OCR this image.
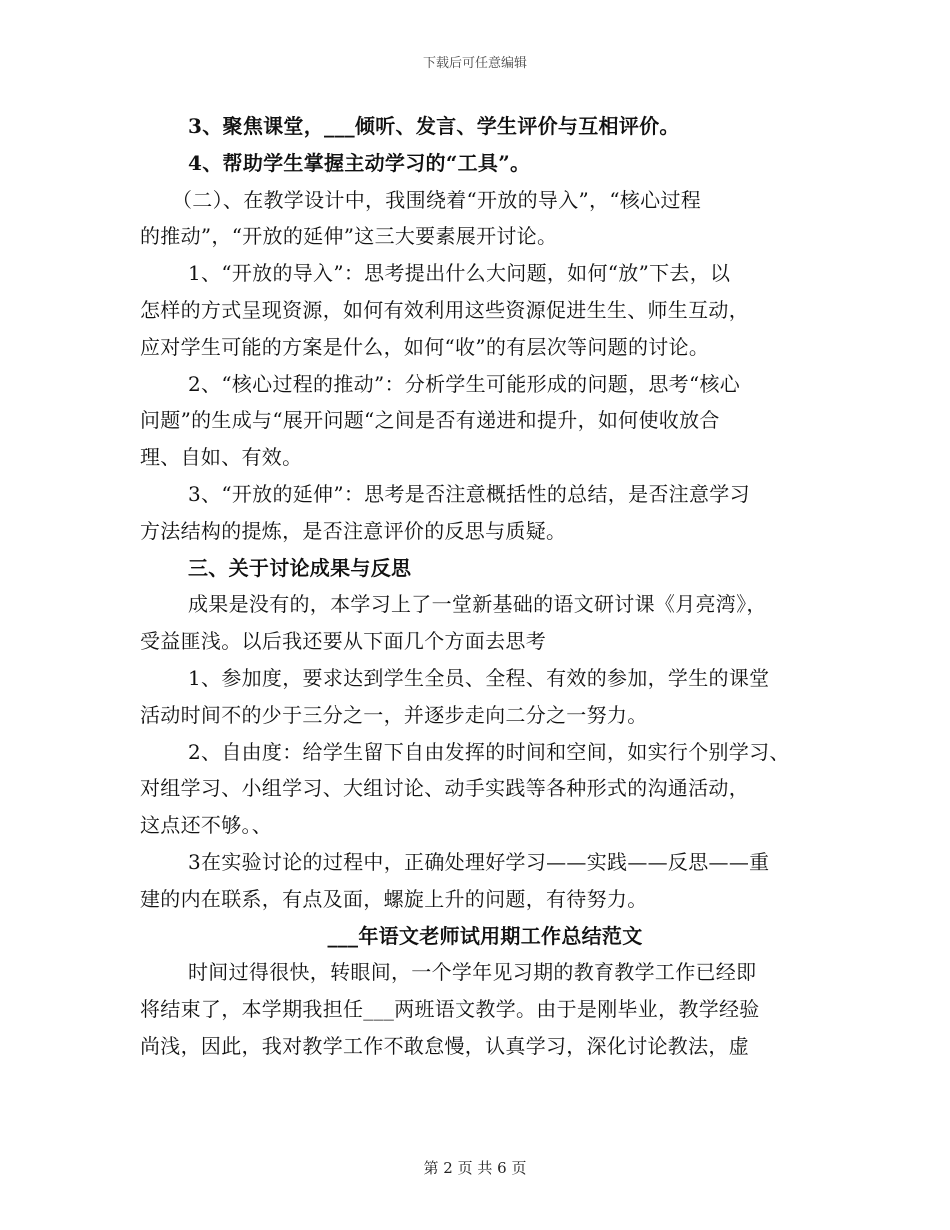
下载后可任意编辑
3、聚焦课堂，___倾听、发言、学生评价与互相评价。
4、帮助学生掌握主动学习的“工具”。
（二）、在教学设计中，我围绕着“开放的导入”，“核心过程
的推动”，“开放的延伸”这三大要素展开讨论。
1、“开放的导入”：思考提出什么大问题，如何“放”下去，以
怎样的方式呈现资源，如何有效利用这些资源促进生生、师生互动，
应对学生可能的方案是什么，如何“收”的有层次等问题的讨论。
2、“核心过程的推动”：分析学生可能形成的问题，思考“核心
问题”的生成与“展开问题“之间是否有递进和提升，如何使收放合
理、自如、有效。
3、“开放的延伸”：思考是否注意概括性的总结，是否注意学习
方法结构的提炼，是否注意评价的反思与质疑。
三、关于讨论成果与反思
成果是没有的，本学习上了一堂新基础的语文研讨课《月亮湾》，
受益匪浅。以后我还要从下面几个方面去思考
1、参加度，要求达到学生全员、全程、有效的参加，学生的课堂
活动时间不的少于三分之一，并逐步走向二分之一努力。
2、自由度：给学生留下自由发挥的时间和空间，如实行个别学习、
对组学习、小组学习、大组讨论、动手实践等各种形式的沟通活动，
这点还不够。、
3在实验讨论的过程中，正确处理好学习——实践——反思——重
建的内在联系，有点及面，螺旋上升的问题，有待努力。
___年语文老师试用期工作总结范文
时间过得很快，转眼间，一个学年见习期的教育教学工作已经即
将结束了，本学期我担任___两班语文教学。由于是刚毕业，教学经验
尚浅，因此，我对教学工作不敢怠慢，认真学习，深化讨论教法，虚
第 2 页 共 6 页
